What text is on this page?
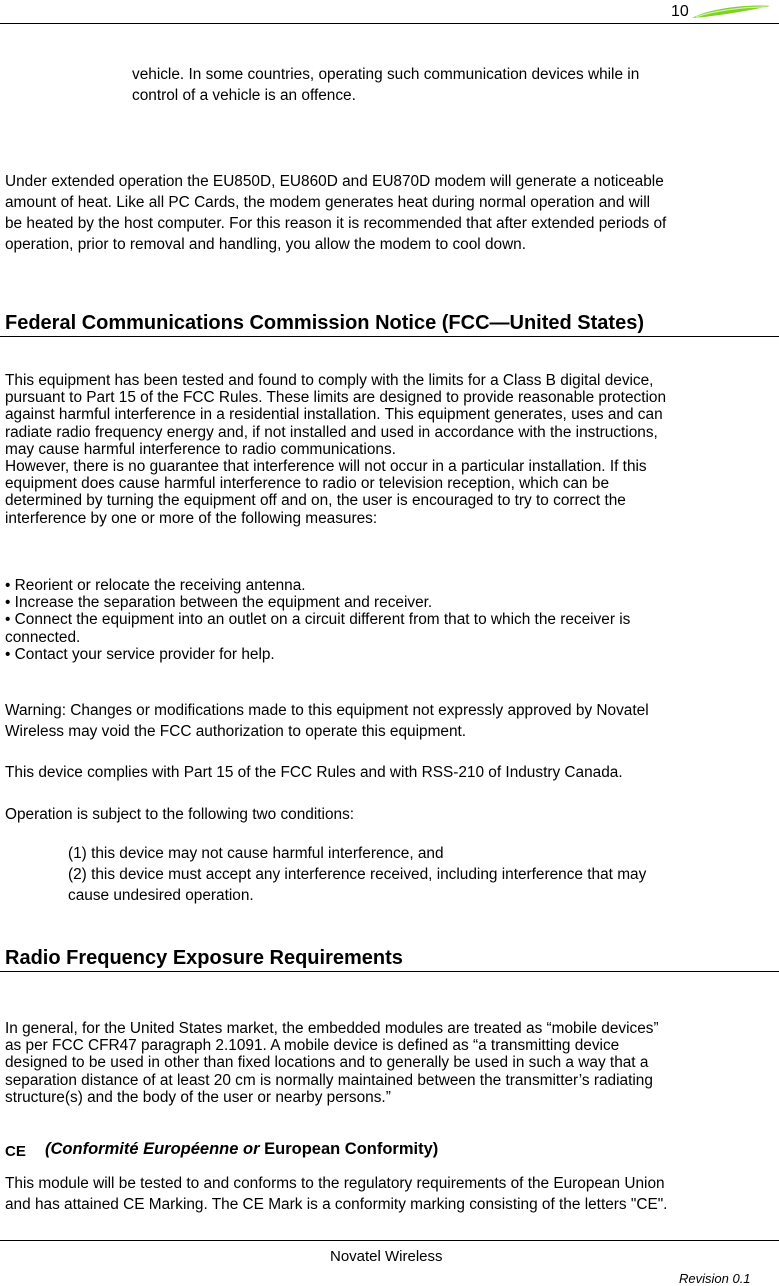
10
vehicle. In some countries, operating such communication devices while in
control of a vehicle is an offence.
Under extended operation the EU850D, EU860D and EU870D modem will generate a noticeable
amount of heat. Like all PC Cards, the modem generates heat during normal operation and will
be heated by the host computer. For this reason it is recommended that after extended periods of
operation, prior to removal and handling, you allow the modem to cool down.
Federal Communications Commission Notice (FCC—United States)
This equipment has been tested and found to comply with the limits for a Class B digital device,
pursuant to Part 15 of the FCC Rules. These limits are designed to provide reasonable protection
against harmful interference in a residential installation. This equipment generates, uses and can
radiate radio frequency energy and, if not installed and used in accordance with the instructions,
may cause harmful interference to radio communications.
However, there is no guarantee that interference will not occur in a particular installation. If this
equipment does cause harmful interference to radio or television reception, which can be
determined by turning the equipment off and on, the user is encouraged to try to correct the
interference by one or more of the following measures:
• Reorient or relocate the receiving antenna.
• Increase the separation between the equipment and receiver.
• Connect the equipment into an outlet on a circuit different from that to which the receiver is
connected.
• Contact your service provider for help.
Warning: Changes or modifications made to this equipment not expressly approved by Novatel
Wireless may void the FCC authorization to operate this equipment.
This device complies with Part 15 of the FCC Rules and with RSS-210 of Industry Canada.
Operation is subject to the following two conditions:
(1) this device may not cause harmful interference, and
(2) this device must accept any interference received, including interference that may
cause undesired operation.
Radio Frequency Exposure Requirements
In general, for the United States market, the embedded modules are treated as “mobile devices”
as per FCC CFR47 paragraph 2.1091. A mobile device is defined as “a transmitting device
designed to be used in other than fixed locations and to generally be used in such a way that a
separation distance of at least 20 cm is normally maintained between the transmitter’s radiating
structure(s) and the body of the user or nearby persons.”
CE (Conformité Européenne or European Conformity)
This module will be tested to and conforms to the regulatory requirements of the European Union
and has attained CE Marking. The CE Mark is a conformity marking consisting of the letters "CE".
Novatel Wireless
Revision 0.1
